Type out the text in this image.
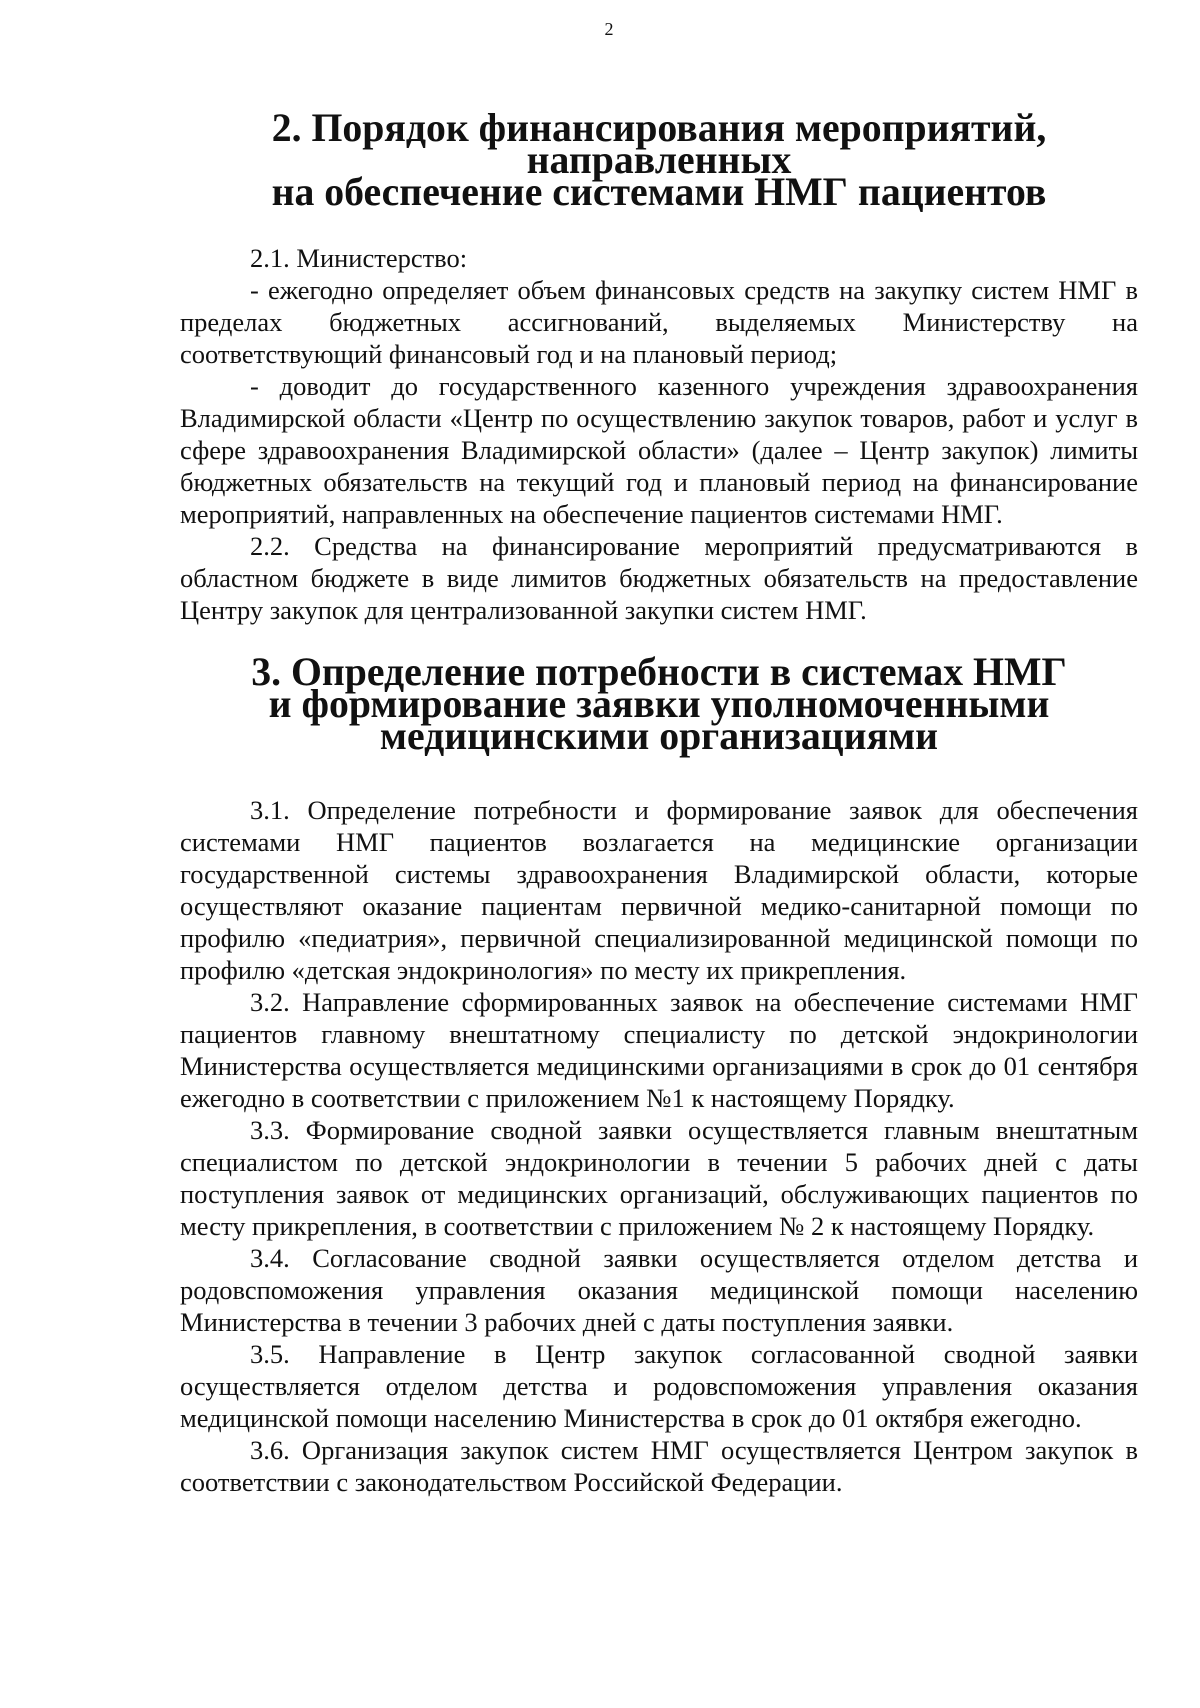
2
2. Порядок финансирования мероприятий, направленных
на обеспечение системами НМГ пациентов

2.1. Министерство:

- ежегодно определяет объем финансовых средств на закупку систем НМГ в пределах бюджетных ассигнований, выделяемых Министерству на соответствующий финансовый год и на плановый период;

- доводит до государственного казенного учреждения здравоохранения Владимирской области «Центр по осуществлению закупок товаров, работ и услуг в сфере здравоохранения Владимирской области» (далее – Центр закупок) лимиты бюджетных обязательств на текущий год и плановый период на финансирование мероприятий, направленных на обеспечение пациентов системами НМГ.

2.2. Средства на финансирование мероприятий предусматриваются в областном бюджете в виде лимитов бюджетных обязательств на предоставление Центру закупок для централизованной закупки систем НМГ.

3. Определение потребности в системах НМГ
и формирование заявки уполномоченными
медицинскими организациями

3.1. Определение потребности и формирование заявок для обеспечения системами НМГ пациентов возлагается на медицинские организации государственной системы здравоохранения Владимирской области, которые осуществляют оказание пациентам первичной медико-санитарной помощи по профилю «педиатрия», первичной специализированной медицинской помощи по профилю «детская эндокринология» по месту их прикрепления.

3.2. Направление сформированных заявок на обеспечение системами НМГ пациентов главному внештатному специалисту по детской эндокринологии Министерства осуществляется медицинскими организациями в срок до 01 сентября ежегодно в соответствии с приложением №1 к настоящему Порядку.

3.3. Формирование сводной заявки осуществляется главным внештатным специалистом по детской эндокринологии в течении 5 рабочих дней с даты поступления заявок от медицинских организаций, обслуживающих пациентов по месту прикрепления, в соответствии с приложением № 2 к настоящему Порядку.

3.4. Согласование сводной заявки осуществляется отделом детства и родовспоможения управления оказания медицинской помощи населению Министерства в течении 3 рабочих дней с даты поступления заявки.

3.5. Направление в Центр закупок согласованной сводной заявки осуществляется отделом детства и родовспоможения управления оказания медицинской помощи населению Министерства в срок до 01 октября ежегодно.

3.6. Организация закупок систем НМГ осуществляется Центром закупок в соответствии с законодательством Российской Федерации.
